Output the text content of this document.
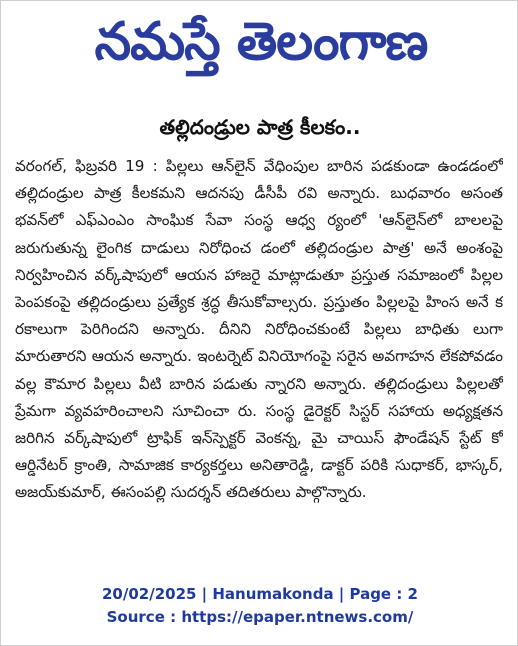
నమస్తే తెలంగాణ
తల్లిదండ్రుల పాత్ర కీలకం..

వరంగల్, ఫిబ్రవరి 19 : పిల్లలు ఆన్‌లైన్ వేధింపుల బారిన పడకుండా ఉండడంలో తల్లిదండ్రుల పాత్ర కీలకమని ఆదనపు డీసీపీ రవి అన్నారు. బుధవారం అసంత భవన్‌లో ఎఫ్ఎంఎం సాంఘిక సేవా సంస్థ ఆధ్వ ర్యంలో 'ఆన్‌లైన్‌లో బాలలపై జరుగుతున్న లైంగిక దాడులు నిరోధించ డంలో తల్లిదండ్రుల పాత్ర' అనే అంశంపై నిర్వహించిన వర్క్‌షాపులో ఆయన హాజరై మాట్లాడుతూ ప్రస్తుత సమాజంలో పిల్లల పెంపకంపై తల్లిదండ్రులు ప్రత్యేక శ్రద్ధ తీసుకోవాల్సరు. ప్రస్తుతం పిల్లలపై హింస అనే క రకాలుగా పెరిగిందని అన్నారు. దీనిని నిరోధించకుంటే పిల్లలు బాధితు లుగా మారుతారని ఆయన అన్నారు. ఇంటర్నెట్ వినియోగంపై సరైన అవగాహన లేకపోవడం వల్ల కౌమార పిల్లలు వీటి బారిన పడుతు న్నారని అన్నారు. తల్లిదండ్రులు పిల్లలతో ప్రేమగా వ్యవహరించాలని సూచించా రు. సంస్థ డైరెక్టర్ సిస్టర్ సహాయ అధ్యక్షతన జరిగిన వర్క్‌షాపులో ట్రాఫిక్ ఇన్‌స్పెక్టర్ వెంకన్న, మై చాయిస్ ఫౌండేషన్ స్టేట్ కో ఆర్డినేటర్ క్రాంతి, సామాజిక కార్యకర్తలు అనితారెడ్డి, డాక్టర్ పరికి సుధాకర్, భాస్కర్, అజయ్‌కుమార్, ఈసంపల్లి సుదర్శన్ తదితరులు పాల్గొన్నారు.

20/02/2025 | Hanumakonda | Page : 2
Source : https://epaper.ntnews.com/
